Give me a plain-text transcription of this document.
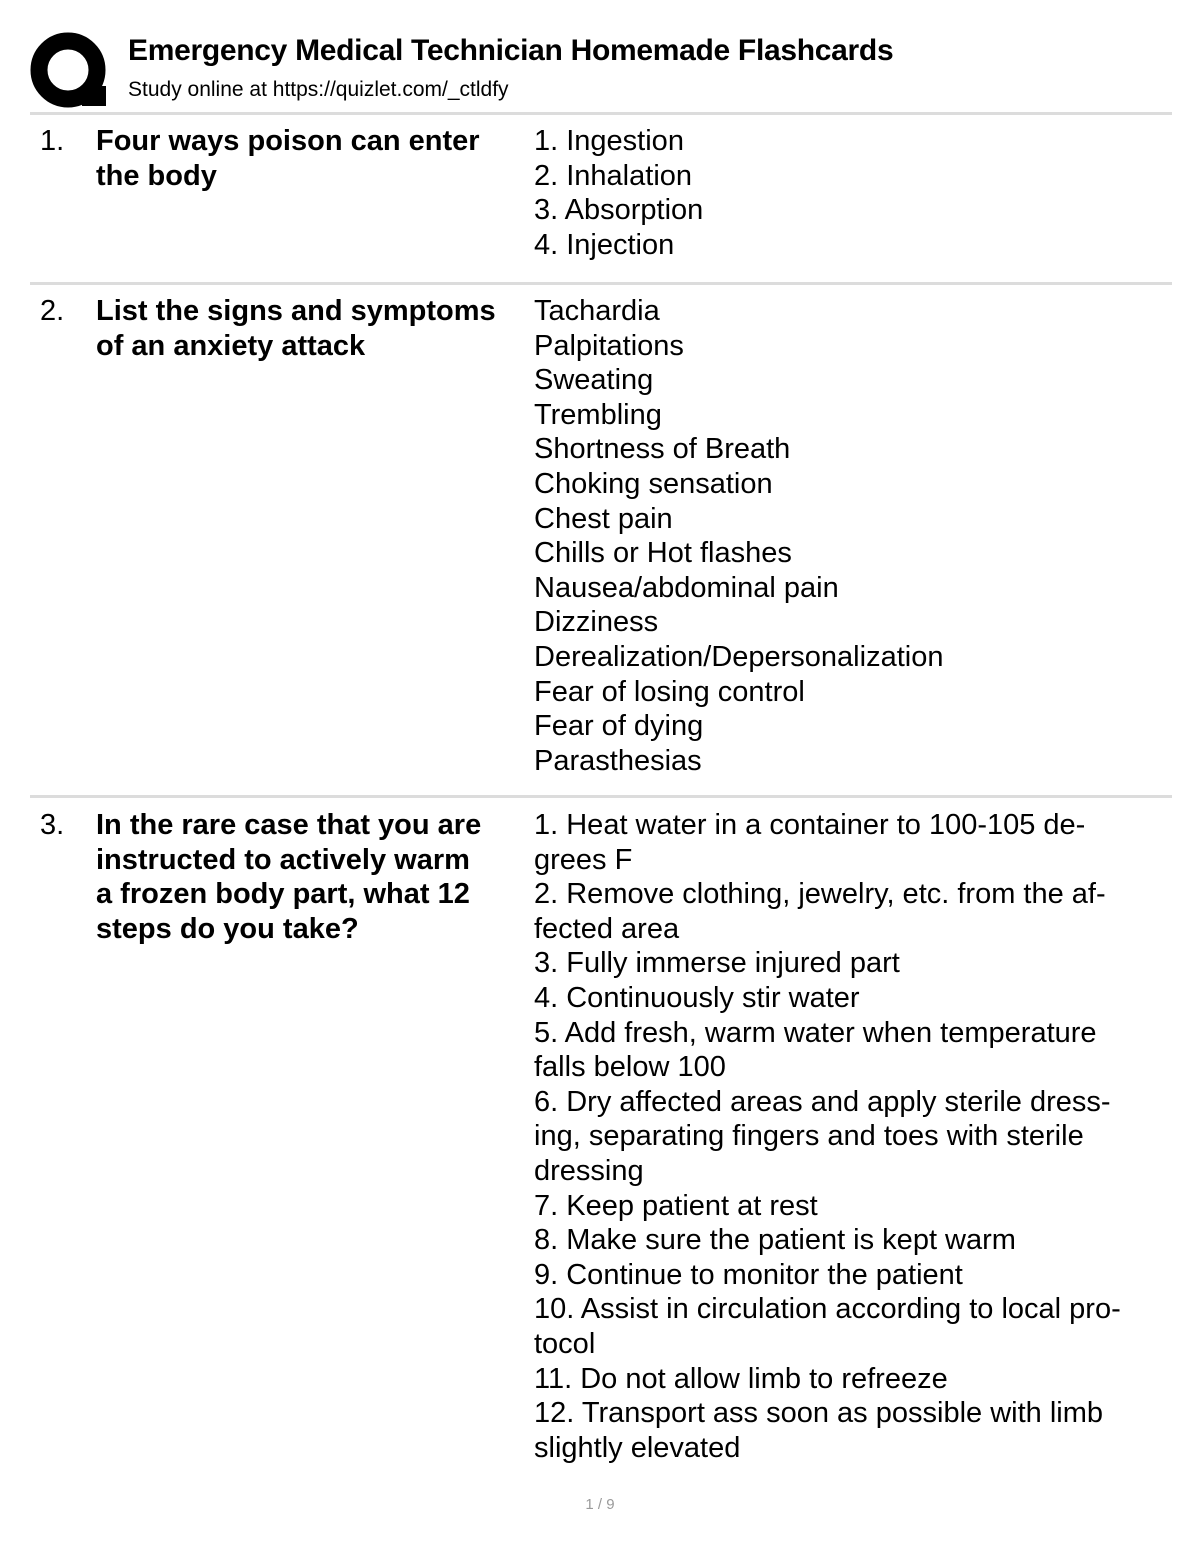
Emergency Medical Technician Homemade Flashcards
Study online at https://quizlet.com/_ctldfy
1. Four ways poison can enter
the body
1. Ingestion
2. Inhalation
3. Absorption
4. Injection
2. List the signs and symptoms
of an anxiety attack
Tachardia
Palpitations
Sweating
Trembling
Shortness of Breath
Choking sensation
Chest pain
Chills or Hot flashes
Nausea/abdominal pain
Dizziness
Derealization/Depersonalization
Fear of losing control
Fear of dying
Parasthesias
3. In the rare case that you are
instructed to actively warm
a frozen body part, what 12
steps do you take?
1. Heat water in a container to 100-105 de-
grees F
2. Remove clothing, jewelry, etc. from the af-
fected area
3. Fully immerse injured part
4. Continuously stir water
5. Add fresh, warm water when temperature
falls below 100
6. Dry affected areas and apply sterile dress-
ing, separating fingers and toes with sterile
dressing
7. Keep patient at rest
8. Make sure the patient is kept warm
9. Continue to monitor the patient
10. Assist in circulation according to local pro-
tocol
11. Do not allow limb to refreeze
12. Transport ass soon as possible with limb
slightly elevated
1 / 9
